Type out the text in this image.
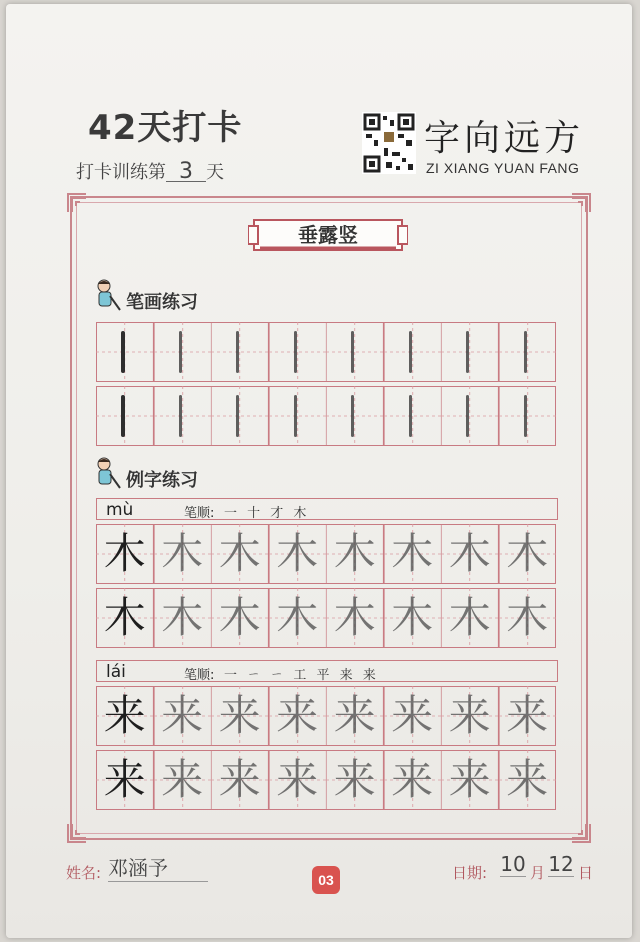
42天打卡
打卡训练第 3 天
字向远方
ZI XIANG YUAN FANG
垂露竖
笔画练习
例字练习
mù	笔顺: 一 十 才 木
lái	笔顺: 一 ㄧ ㄧ 工 平 来 来
姓名: 邓涵予	03	日期: 10 月 12 日
木 木 木 木 木 木 木 木
木 木 木 木 木 木 木 木
来 来 来 来 来 来 来 来
来 来 来 来 来 来 来 来
